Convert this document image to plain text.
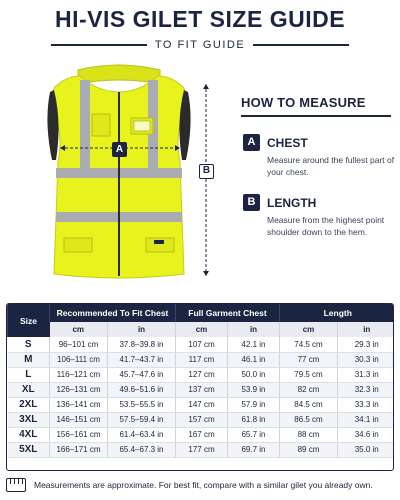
HI-VIS GILET SIZE GUIDE
TO FIT GUIDE
A
B
HOW TO MEASURE
A CHEST
Measure around the fullest part of your chest.
B LENGTH
Measure from the highest point shoulder down to the hem.
Size	Recommended To Fit Chest		Full Garment Chest		Length	
	cm	in	cm	in	cm	in
S	96–101 cm	37.8–39.8 in	107 cm	42.1 in	74.5 cm	29.3 in
M	106–111 cm	41.7–43.7 in	117 cm	46.1 in	77 cm	30.3 in
L	116–121 cm	45.7–47.6 in	127 cm	50.0 in	79.5 cm	31.3 in
XL	126–131 cm	49.6–51.6 in	137 cm	53.9 in	82 cm	32.3 in
2XL	136–141 cm	53.5–55.5 in	147 cm	57.9 in	84.5 cm	33.3 in
3XL	146–151 cm	57.5–59.4 in	157 cm	61.8 in	86.5 cm	34.1 in
4XL	156–161 cm	61.4–63.4 in	167 cm	65.7 in	88 cm	34.6 in
5XL	166–171 cm	65.4–67.3 in	177 cm	69.7 in	89 cm	35.0 in
Measurements are approximate. For best fit, compare with a similar gilet you already own.
